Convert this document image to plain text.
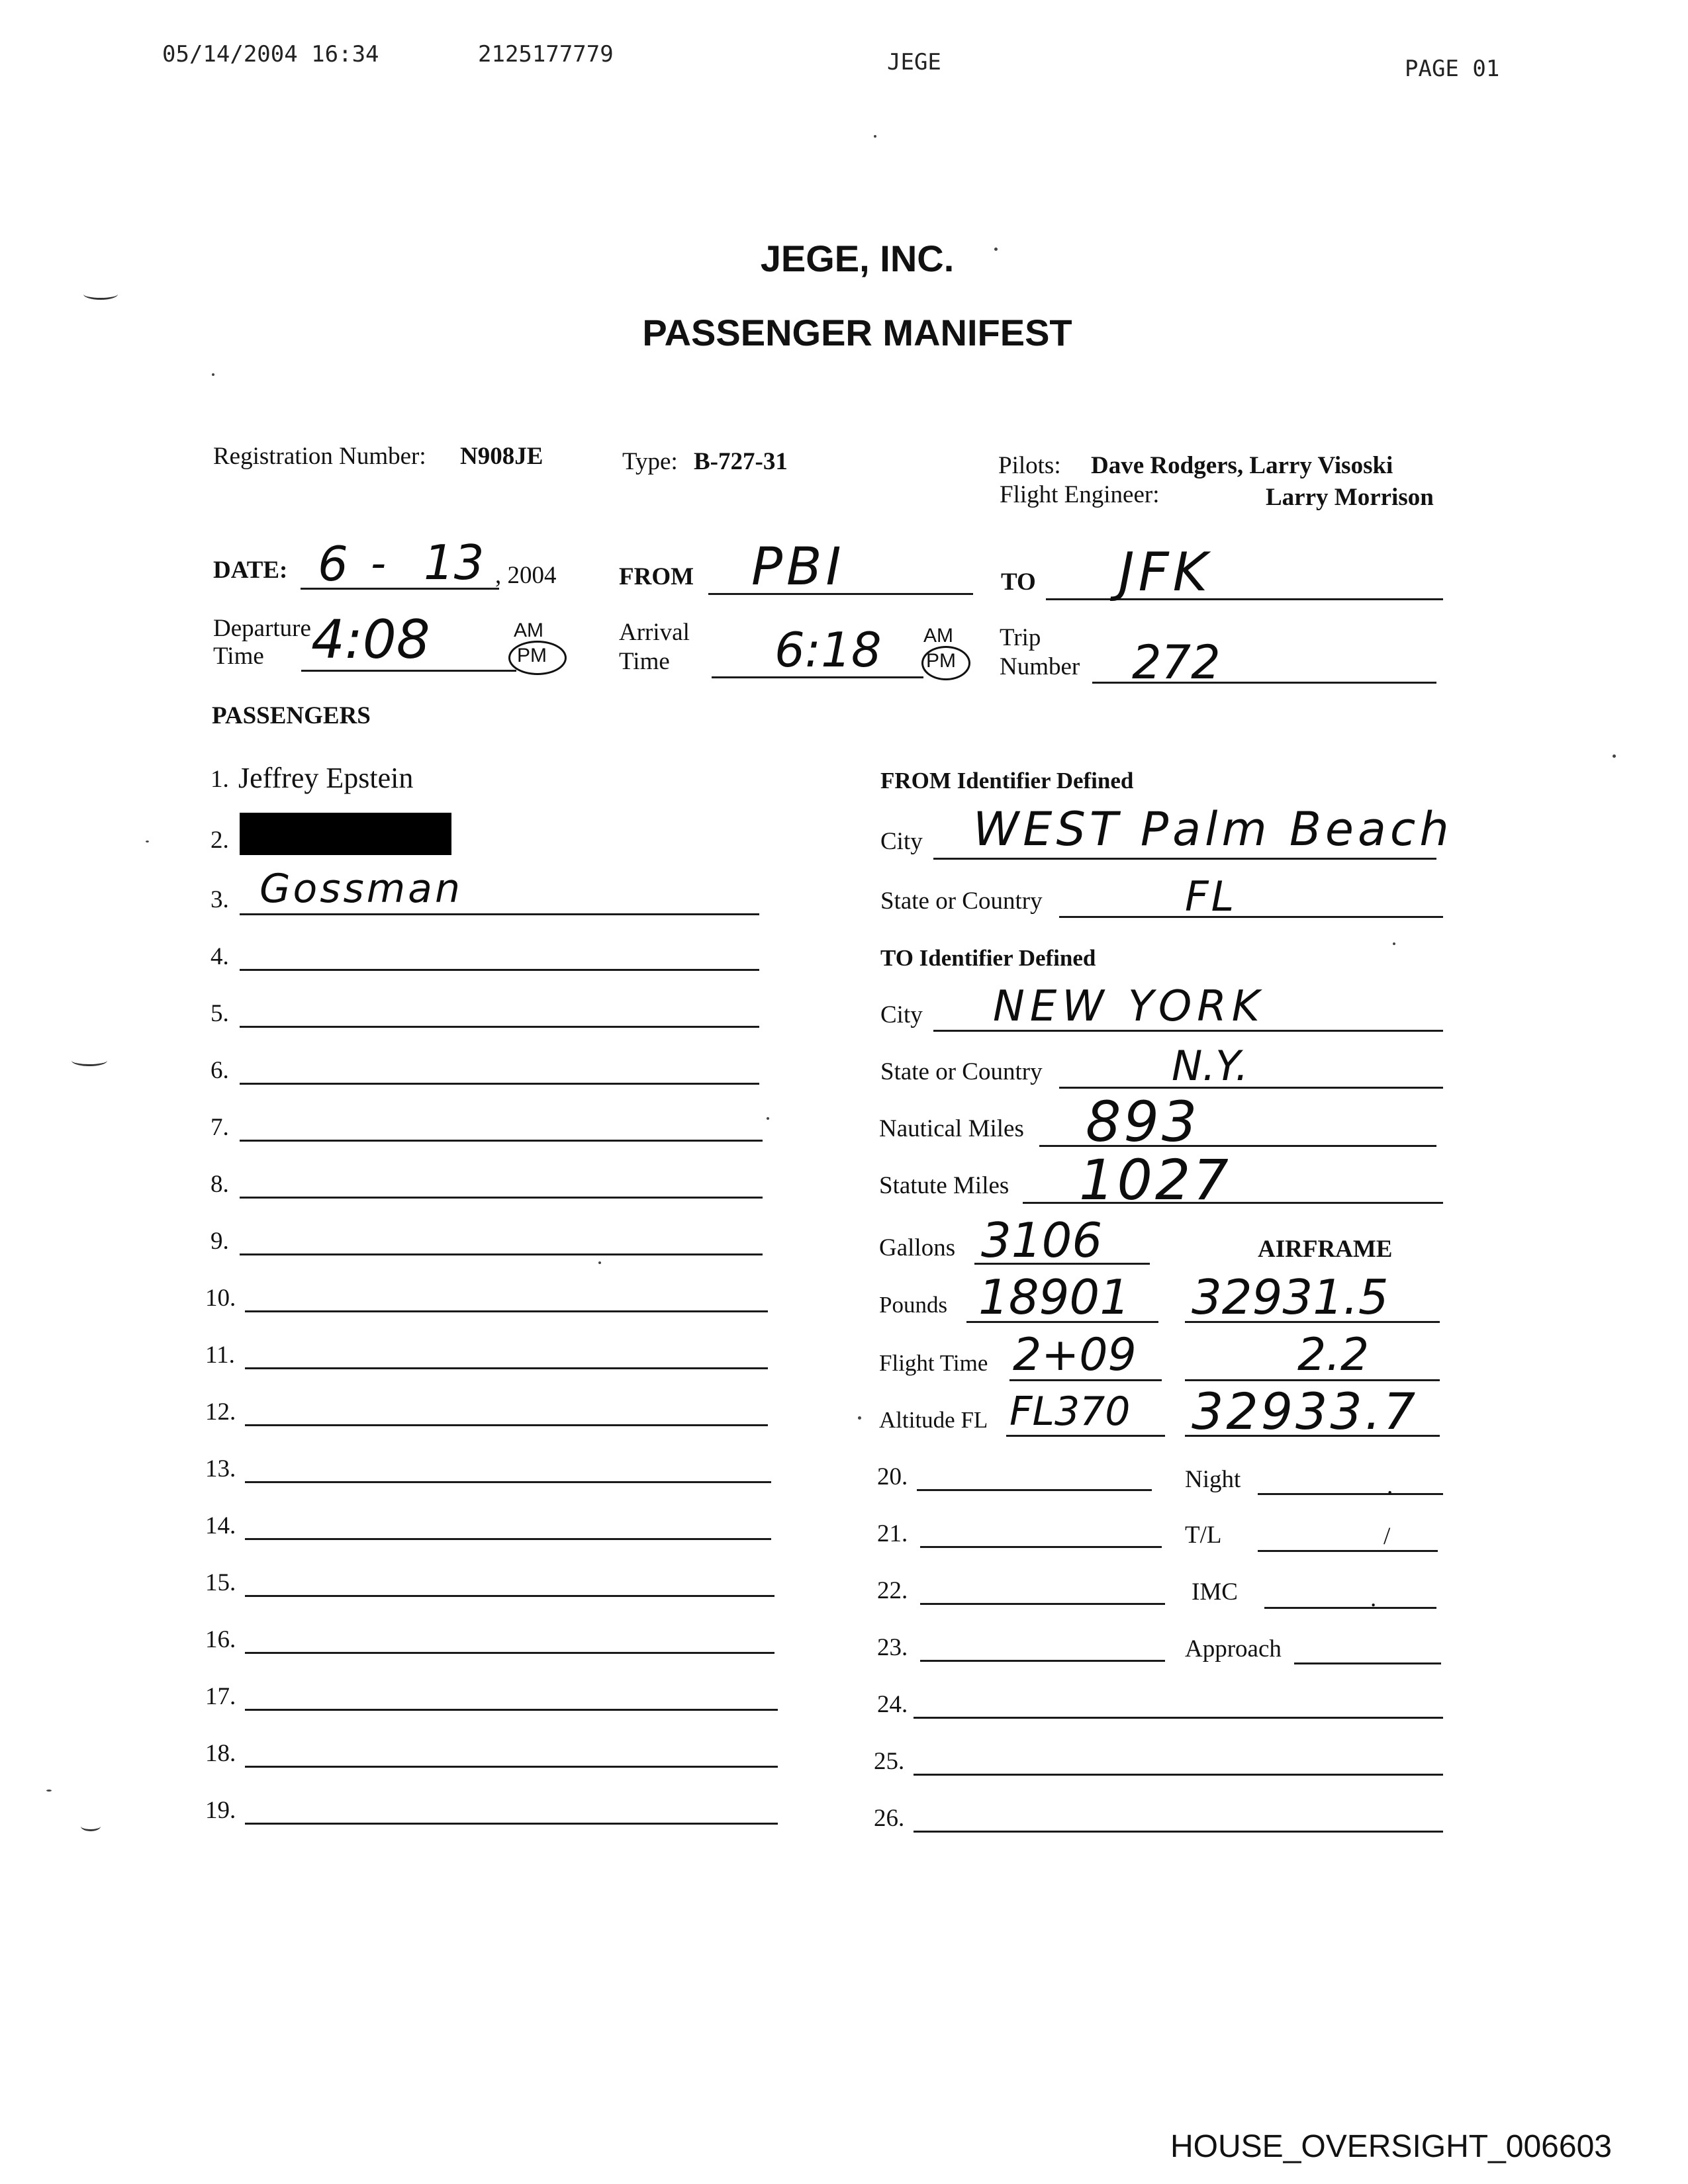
05/14/2004 16:34	2125177779	JEGE	PAGE 01
JEGE, INC.
PASSENGER MANIFEST
Registration Number: N908JE	Type: B-727-31	Pilots: Dave Rodgers, Larry Visoski
Flight Engineer:	Larry Morrison
DATE: 6 - 13 , 2004	FROM PBI	TO JFK
Departure
Time 4:08	AM
PM
Arrival
Time 6:18 AM
PM
Trip
Number 272
PASSENGERS
1. Jeffrey Epstein
2.
3. Gossman
4.
5.
6.
7.
8.
9.
10.
11.
12.
13.
14.
15.
16.
17.
18.
19.
FROM Identifier Defined
City WEST Palm Beach
State or Country	FL
TO Identifier Defined
City NEW YORK
State or Country	N.Y.
Nautical Miles 893
Statute Miles 1027
Gallons 3106	AIRFRAME
Pounds 18901 32931.5
Flight Time 2+09	2.2
Altitude FL FL370 32933.7
20.	Night	.
21.	T/L	/
22.	IMC	.
23.	Approach
24.
25.
26.
HOUSE_OVERSIGHT_006603
